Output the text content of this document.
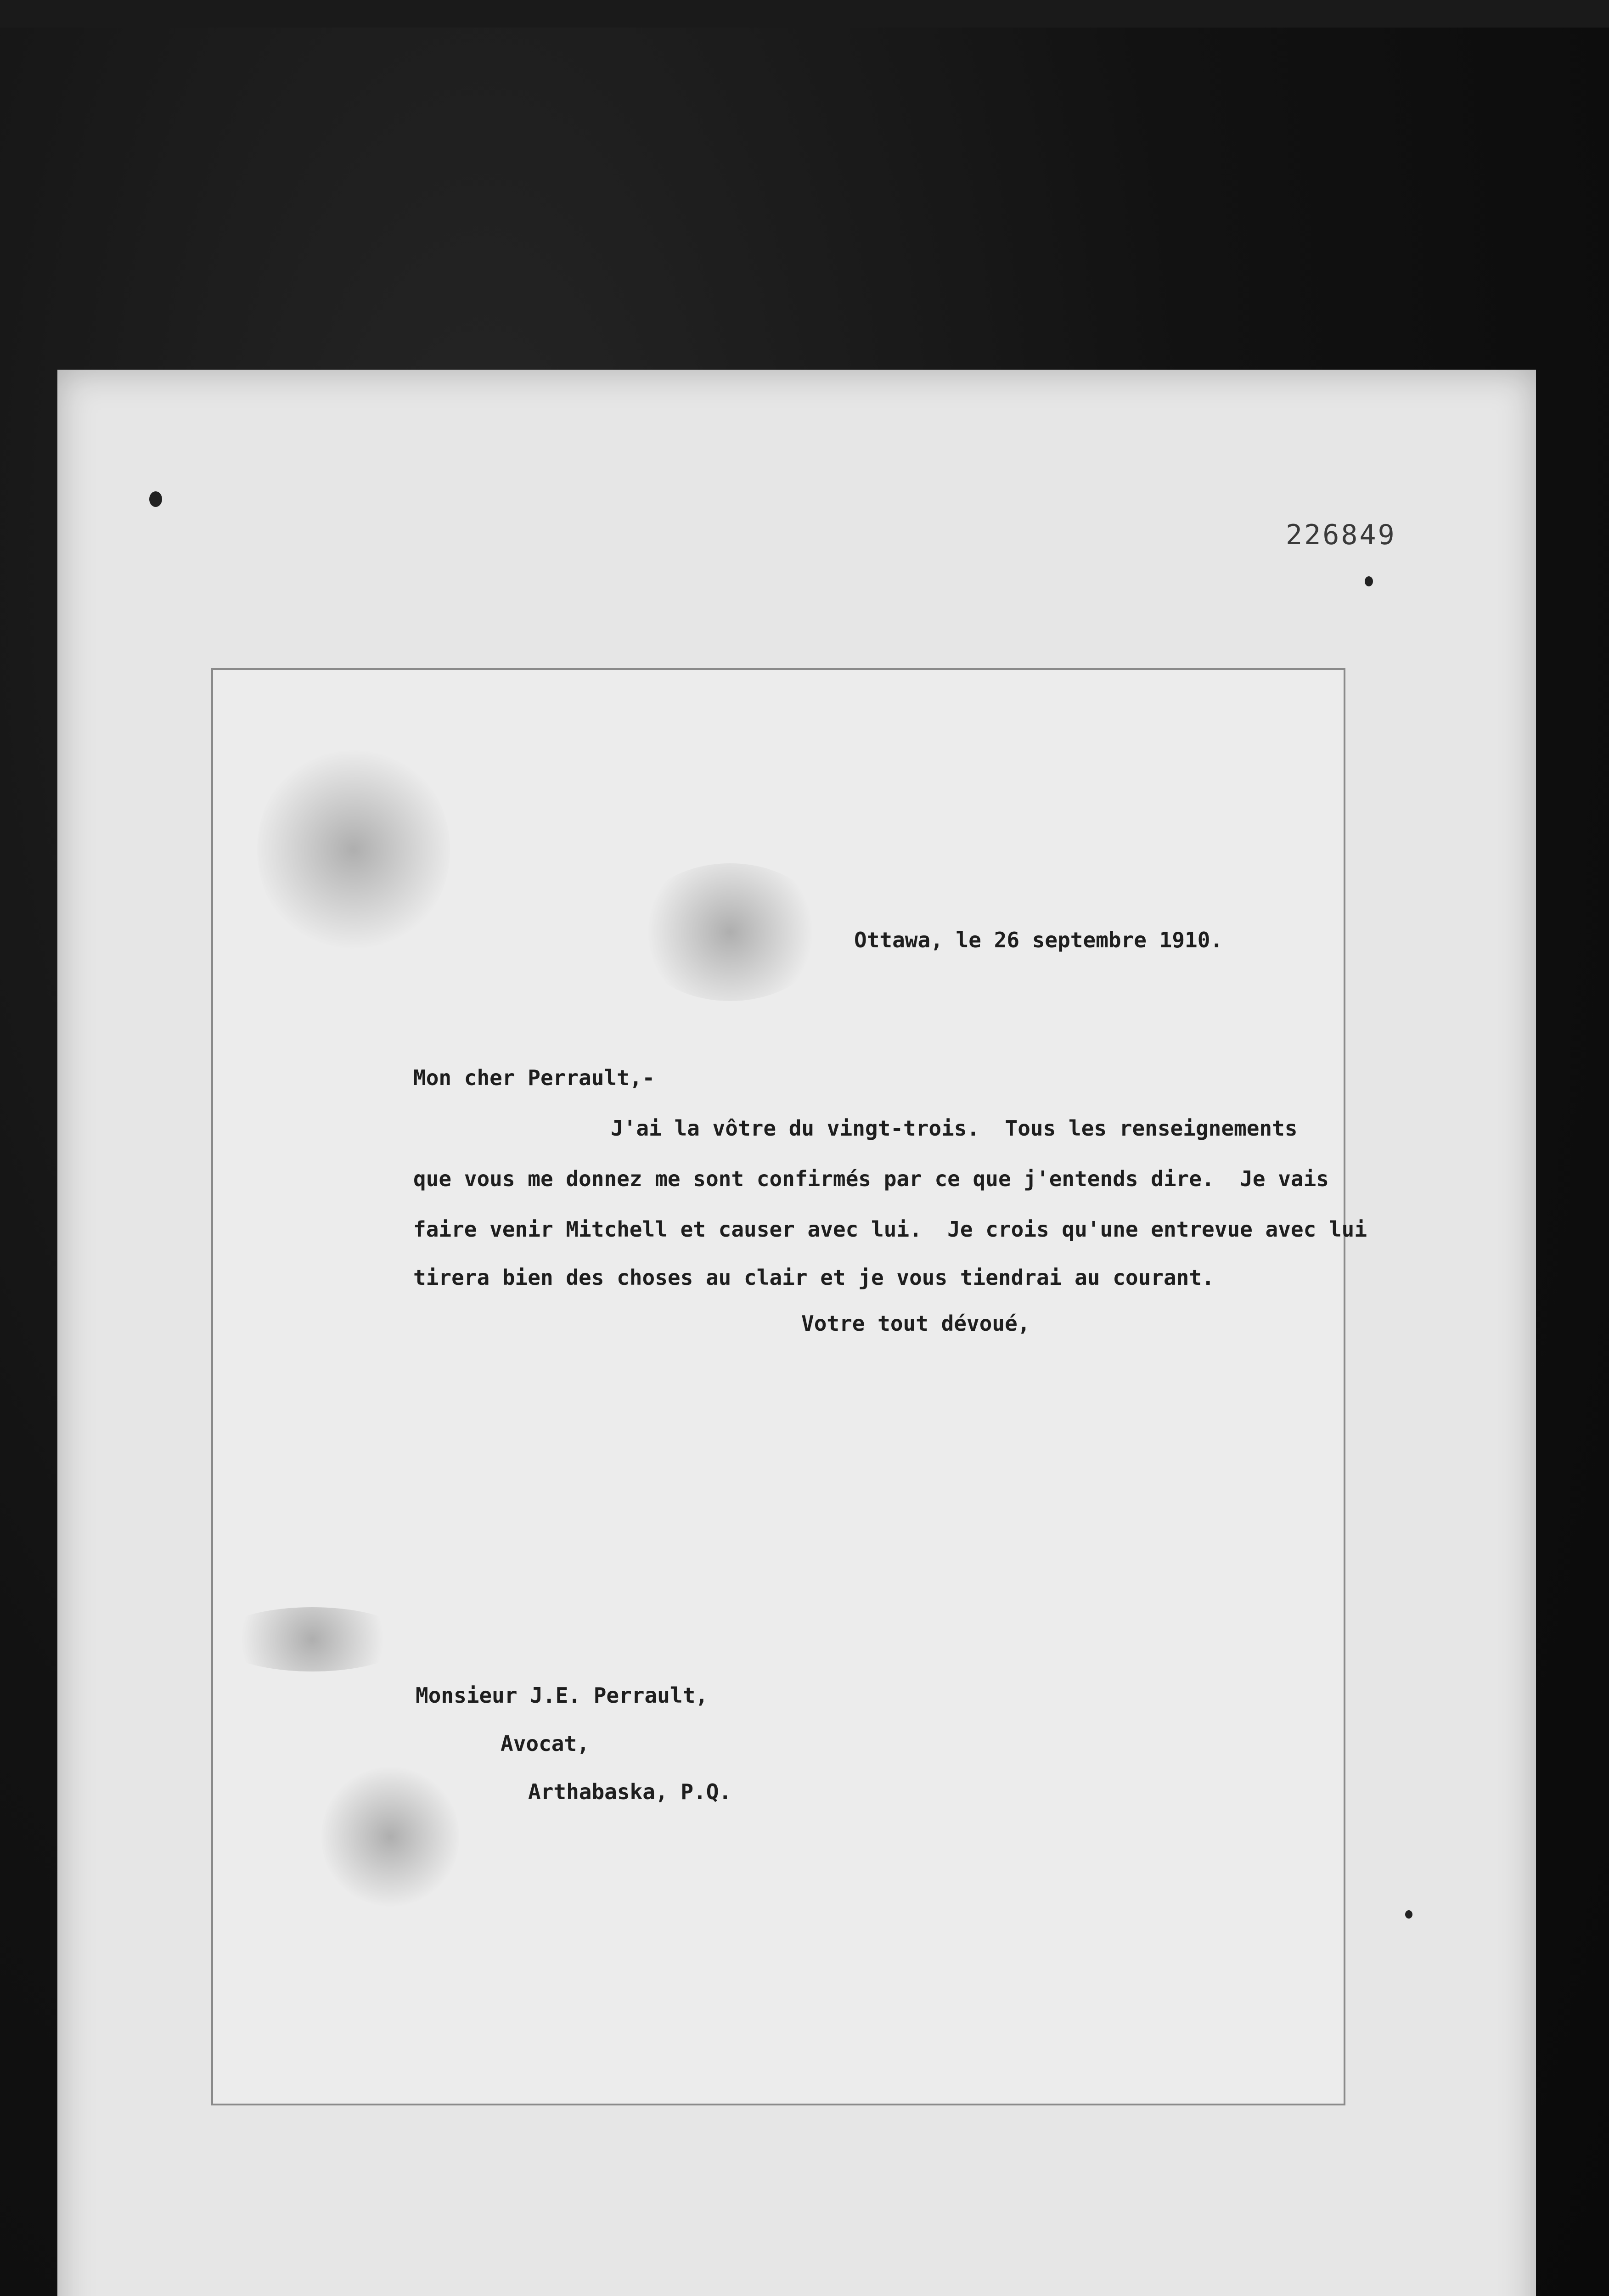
226849
Ottawa, le 26 septembre 1910.
Mon cher Perrault,-
J'ai la vôtre du vingt-trois.  Tous les renseignements
que vous me donnez me sont confirmés par ce que j'entends dire.  Je vais
faire venir Mitchell et causer avec lui.  Je crois qu'une entrevue avec lui
tirera bien des choses au clair et je vous tiendrai au courant.
Votre tout dévoué,
Monsieur J.E. Perrault,
Avocat,
Arthabaska, P.Q.
